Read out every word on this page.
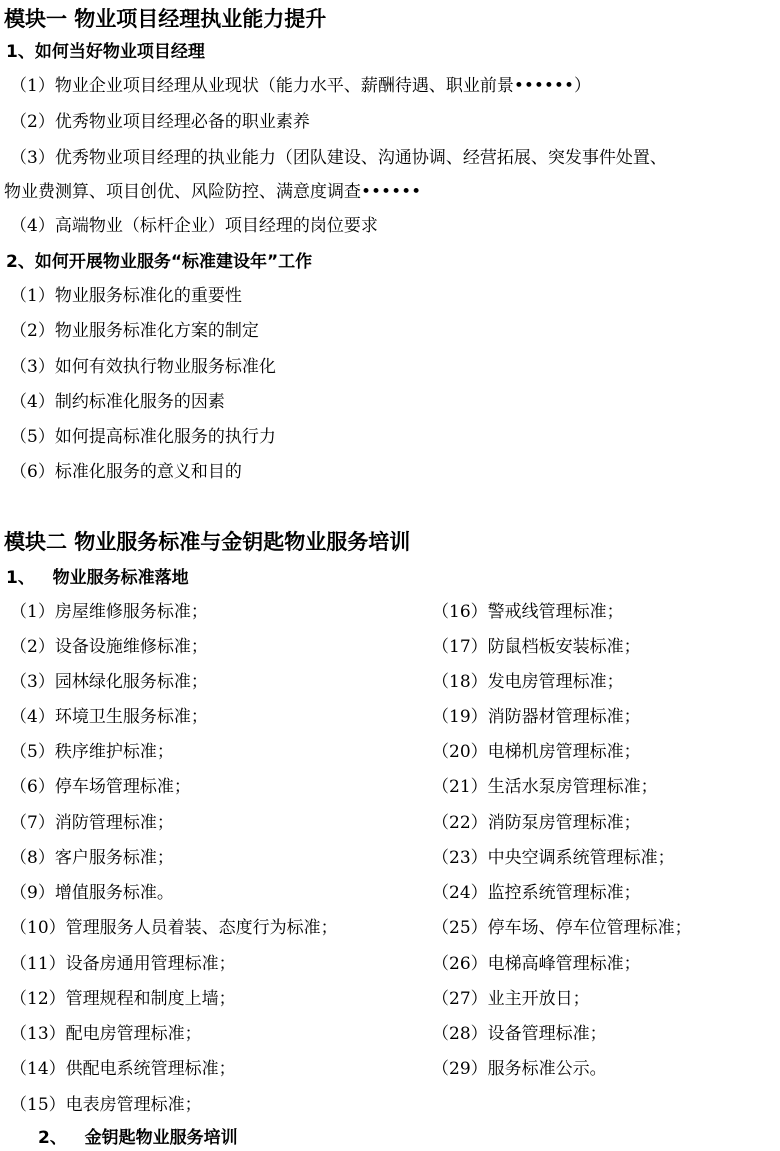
模块一 物业项目经理执业能力提升
1、如何当好物业项目经理
（1）物业企业项目经理从业现状（能力水平、薪酬待遇、职业前景••••••）
（2）优秀物业项目经理必备的职业素养
（3）优秀物业项目经理的执业能力（团队建设、沟通协调、经营拓展、突发事件处置、
物业费测算、项目创优、风险防控、满意度调查••••••
（4）高端物业（标杆企业）项目经理的岗位要求
2、如何开展物业服务“标准建设年”工作
（1）物业服务标准化的重要性
（2）物业服务标准化方案的制定
（3）如何有效执行物业服务标准化
（4）制约标准化服务的因素
（5）如何提高标准化服务的执行力
（6）标准化服务的意义和目的
模块二 物业服务标准与金钥匙物业服务培训
1、   物业服务标准落地
（1）房屋维修服务标准；
（2）设备设施维修标准；
（3）园林绿化服务标准；
（4）环境卫生服务标准；
（5）秩序维护标准；
（6）停车场管理标准；
（7）消防管理标准；
（8）客户服务标准；
（9）增值服务标准。
（10）管理服务人员着装、态度行为标准；
（11）设备房通用管理标准；
（12）管理规程和制度上墙；
（13）配电房管理标准；
（14）供配电系统管理标准；
（15）电表房管理标准；
（16）警戒线管理标准；
（17）防鼠档板安装标准；
（18）发电房管理标准；
（19）消防器材管理标准；
（20）电梯机房管理标准；
（21）生活水泵房管理标准；
（22）消防泵房管理标准；
（23）中央空调系统管理标准；
（24）监控系统管理标准；
（25）停车场、停车位管理标准；
（26）电梯高峰管理标准；
（27）业主开放日；
（28）设备管理标准；
（29）服务标准公示。
2、   金钥匙物业服务培训
